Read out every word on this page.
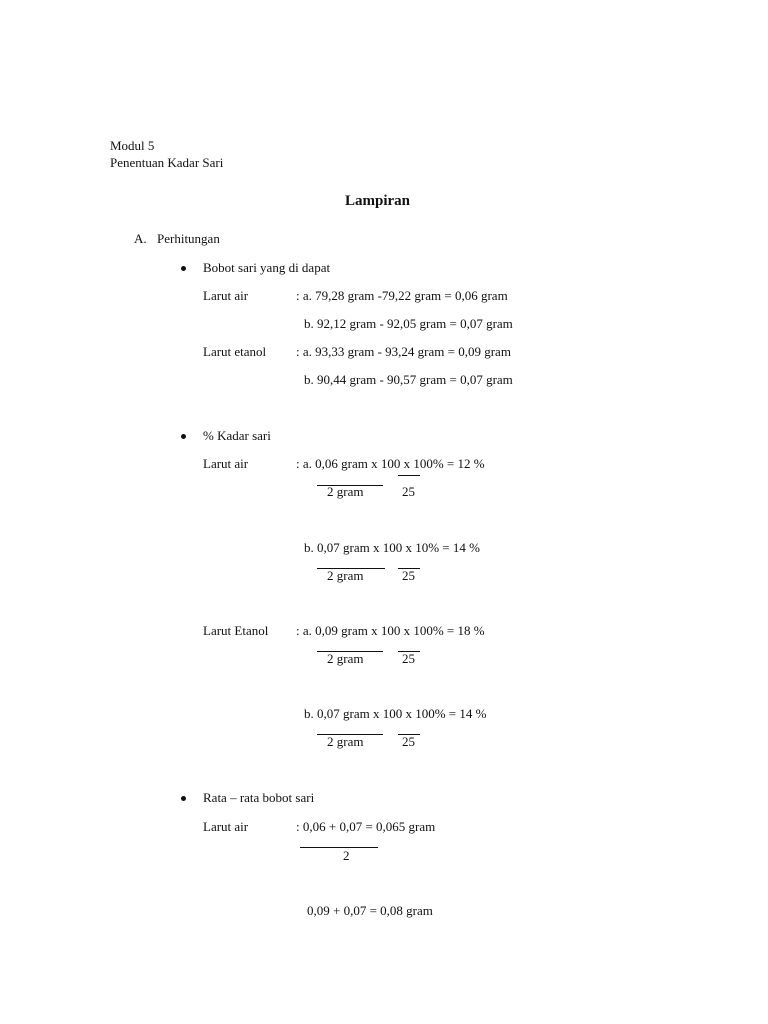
Modul 5
Penentuan Kadar Sari
Lampiran
A. Perhitungan
Bobot sari yang di dapat
Larut air	: a. 79,28 gram -79,22 gram = 0,06 gram
b. 92,12 gram - 92,05 gram = 0,07 gram
Larut etanol : a. 93,33 gram - 93,24 gram = 0,09 gram
b. 90,44 gram - 90,57 gram = 0,07 gram
% Kadar sari
Larut air	: a. 0,06 gram x 100 x 100% = 12 %
2 gram	25
b. 0,07 gram x 100 x 10% = 14 %
2 gram	25
Larut Etanol : a. 0,09 gram x 100 x 100% = 18 %
2 gram	25
b. 0,07 gram x 100 x 100% = 14 %
2 gram	25
Rata – rata bobot sari
Larut air	: 0,06 + 0,07 = 0,065 gram
2
0,09 + 0,07 = 0,08 gram
